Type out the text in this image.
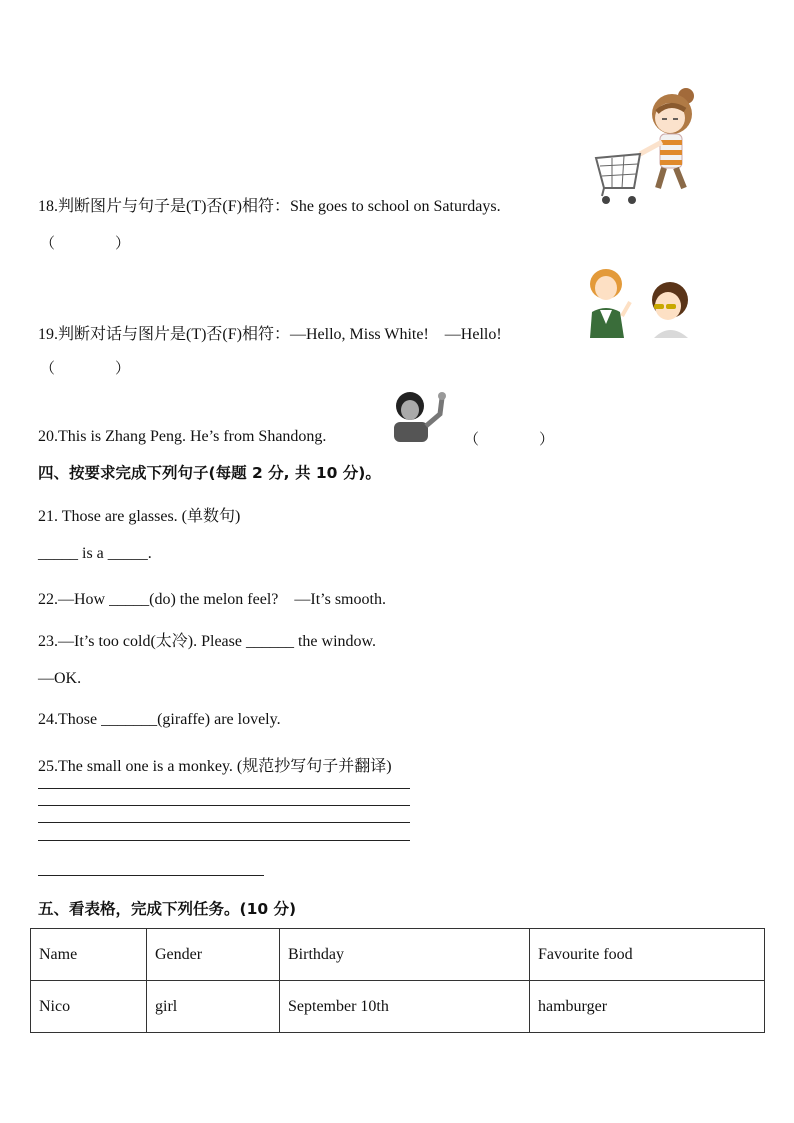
18.判断图片与句子是(T)否(F)相符：She goes to school on Saturdays.
（　　　　）
19.判断对话与图片是(T)否(F)相符：—Hello, Miss White!　—Hello!
（　　　　）
20.This is Zhang Peng. He’s from Shandong.	（　　　　）
四、按要求完成下列句子(每题 2 分, 共 10 分)。
21. Those are glasses. (单数句)
_____ is a _____.
22.—How _____(do) the melon feel?　—It’s smooth.
23.—It’s too cold(太冷). Please ______ the window.
—OK.
24.Those _______(giraffe) are lovely.
25.The small one is a monkey. (规范抄写句子并翻译)
五、看表格，完成下列任务。(10 分)
Name	Gender	Birthday	Favourite food
Nico	girl	September 10th	hamburger
